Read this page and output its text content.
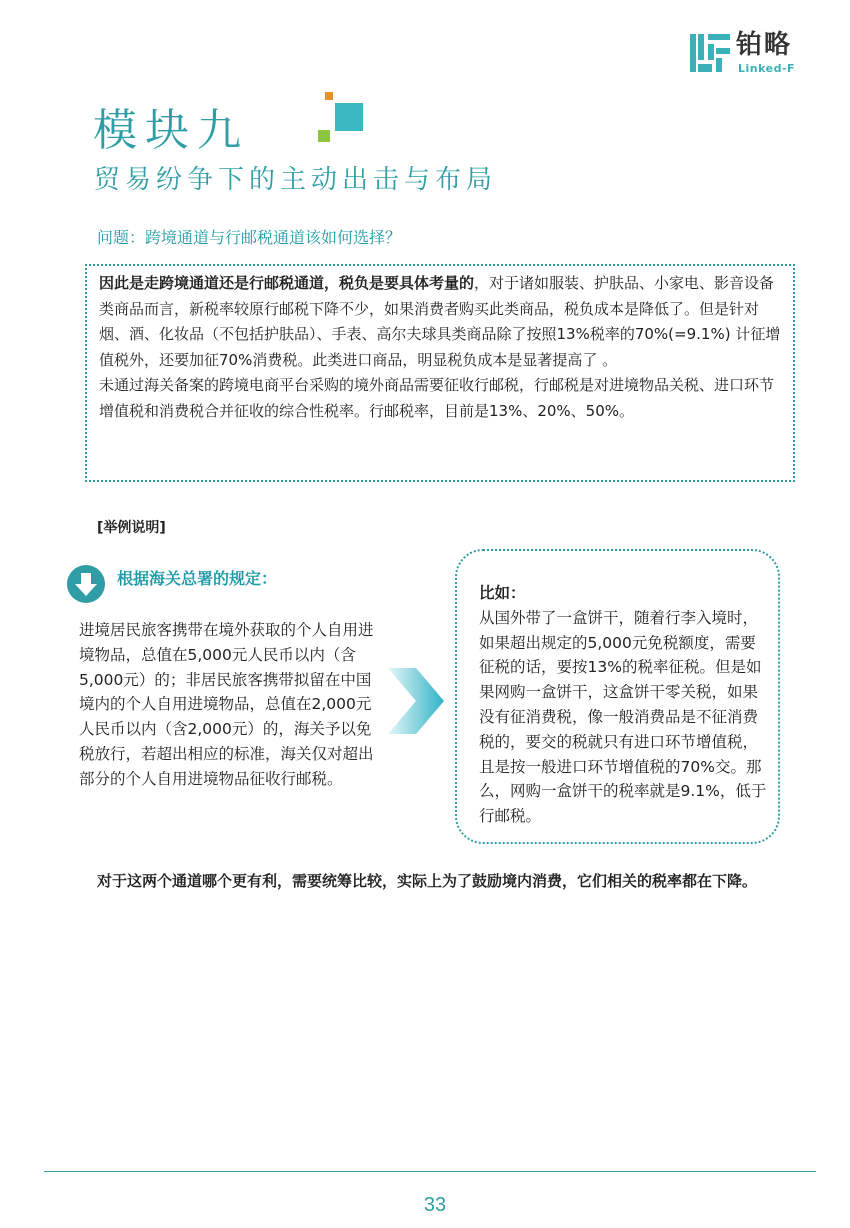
铂略
Linked-F
模块九
贸易纷争下的主动出击与布局
问题：跨境通道与行邮税通道该如何选择？

因此是走跨境通道还是行邮税通道，税负是要具体考量的，对于诸如服装、护肤品、小家电、影音设备类商品而言，新税率较原行邮税下降不少，如果消费者购买此类商品，税负成本是降低了。但是针对烟、酒、化妆品（不包括护肤品）、手表、高尔夫球具类商品除了按照13%税率的70%(=9.1%) 计征增值税外，还要加征70%消费税。此类进口商品，明显税负成本是显著提高了 。

未通过海关备案的跨境电商平台采购的境外商品需要征收行邮税，行邮税是对进境物品关税、进口环节增值税和消费税合并征收的综合性税率。行邮税率，目前是13%、20%、50%。

[举例说明]
根据海关总署的规定：
进境居民旅客携带在境外获取的个人自用进境物品，总值在5,000元人民币以内（含5,000元）的；非居民旅客携带拟留在中国境内的个人自用进境物品，总值在2,000元人民币以内（含2,000元）的，海关予以免税放行，若超出相应的标准，海关仅对超出部分的个人自用进境物品征收行邮税。
比如：
从国外带了一盒饼干，随着行李入境时，如果超出规定的5,000元免税额度，需要征税的话，要按13%的税率征税。但是如果网购一盒饼干，这盒饼干零关税，如果没有征消费税，像一般消费品是不征消费税的，要交的税就只有进口环节增值税，且是按一般进口环节增值税的70%交。那么，网购一盒饼干的税率就是9.1%，低于行邮税。
对于这两个通道哪个更有利，需要统筹比较，实际上为了鼓励境内消费，它们相关的税率都在下降。
33
